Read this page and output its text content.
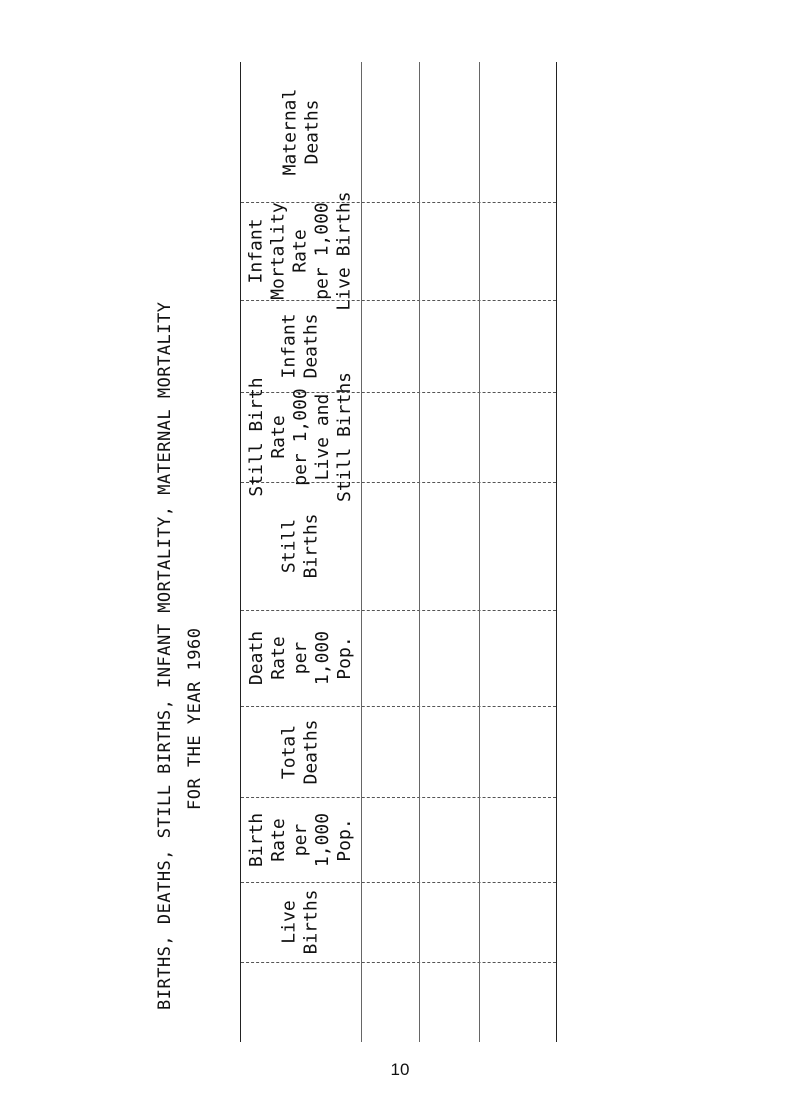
BIRTHS, DEATHS, STILL BIRTHS, INFANT MORTALITY, MATERNAL MORTALITY FOR THE YEAR 1960
Live Births
Birth Rate per 1,000 Pop.
Total Deaths
Death Rate per 1,000 Pop.
Still Births
Still Birth Rate per 1,000 Live and Still Births
Infant Deaths
Infant Mortality Rate per 1,000 Live Births
Maternal Deaths
10
